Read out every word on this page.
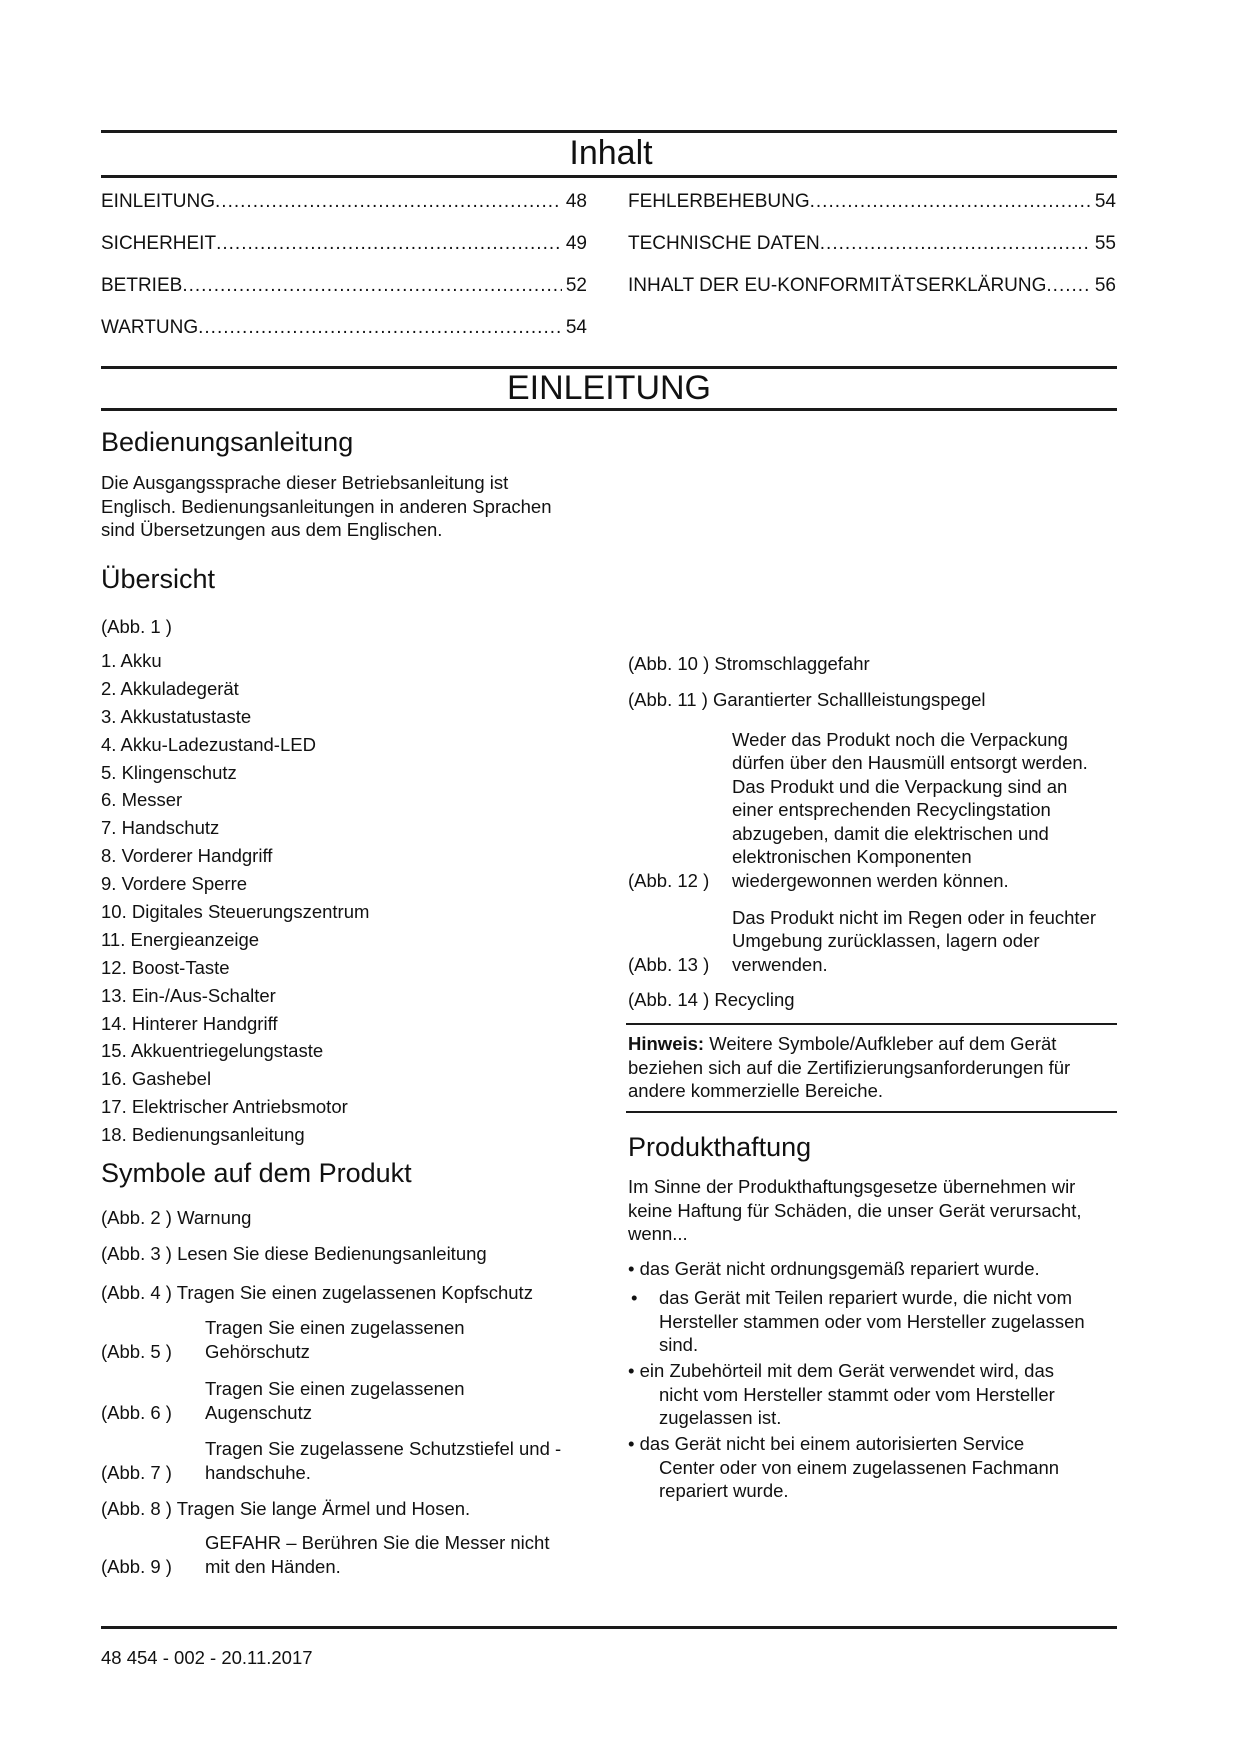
Inhalt
EINLEITUNG .....	48
SICHERHEIT .....	49
BETRIEB .....	52
WARTUNG .....	54
FEHLERBEHEBUNG .....	54
TECHNISCHE DATEN .....	55
INHALT DER EU-KONFORMITÄTSERKLÄRUNG .....	56
EINLEITUNG
Bedienungsanleitung
Die Ausgangssprache dieser Betriebsanleitung ist
Englisch. Bedienungsanleitungen in anderen Sprachen
sind Übersetzungen aus dem Englischen.
Übersicht
(Abb. 1 )
1. Akku
2. Akkuladegerät
3. Akkustatustaste
4. Akku-Ladezustand-LED
5. Klingenschutz
6. Messer
7. Handschutz
8. Vorderer Handgriff
9. Vordere Sperre
10. Digitales Steuerungszentrum
11. Energieanzeige
12. Boost-Taste
13. Ein-/Aus-Schalter
14. Hinterer Handgriff
15. Akkuentriegelungstaste
16. Gashebel
17. Elektrischer Antriebsmotor
18. Bedienungsanleitung
Symbole auf dem Produkt
(Abb. 2 ) Warnung
(Abb. 3 ) Lesen Sie diese Bedienungsanleitung
(Abb. 4 ) Tragen Sie einen zugelassenen Kopfschutz
(Abb. 5 )
Tragen Sie einen zugelassenen
Gehörschutz
(Abb. 6 )
Tragen Sie einen zugelassenen
Augenschutz
(Abb. 7 )
Tragen Sie zugelassene Schutzstiefel und -
handschuhe.
(Abb. 8 ) Tragen Sie lange Ärmel und Hosen.
(Abb. 9 )
GEFAHR – Berühren Sie die Messer nicht
mit den Händen.
(Abb. 10 ) Stromschlaggefahr
(Abb. 11 ) Garantierter Schallleistungspegel
(Abb. 12 )
Weder das Produkt noch die Verpackung
dürfen über den Hausmüll entsorgt werden.
Das Produkt und die Verpackung sind an
einer entsprechenden Recyclingstation
abzugeben, damit die elektrischen und
elektronischen Komponenten
wiedergewonnen werden können.
(Abb. 13 )
Das Produkt nicht im Regen oder in feuchter
Umgebung zurücklassen, lagern oder
verwenden.
(Abb. 14 ) Recycling
Hinweis: Weitere Symbole/Aufkleber auf dem Gerät
beziehen sich auf die Zertifizierungsanforderungen für
andere kommerzielle Bereiche.
Produkthaftung
Im Sinne der Produkthaftungsgesetze übernehmen wir
keine Haftung für Schäden, die unser Gerät verursacht,
wenn...
• das Gerät nicht ordnungsgemäß repariert wurde.
• das Gerät mit Teilen repariert wurde, die nicht vom
Hersteller stammen oder vom Hersteller zugelassen
sind.
• ein Zubehörteil mit dem Gerät verwendet wird, das
nicht vom Hersteller stammt oder vom Hersteller
zugelassen ist.
• das Gerät nicht bei einem autorisierten Service
Center oder von einem zugelassenen Fachmann
repariert wurde.
48 454 - 002 - 20.11.2017
